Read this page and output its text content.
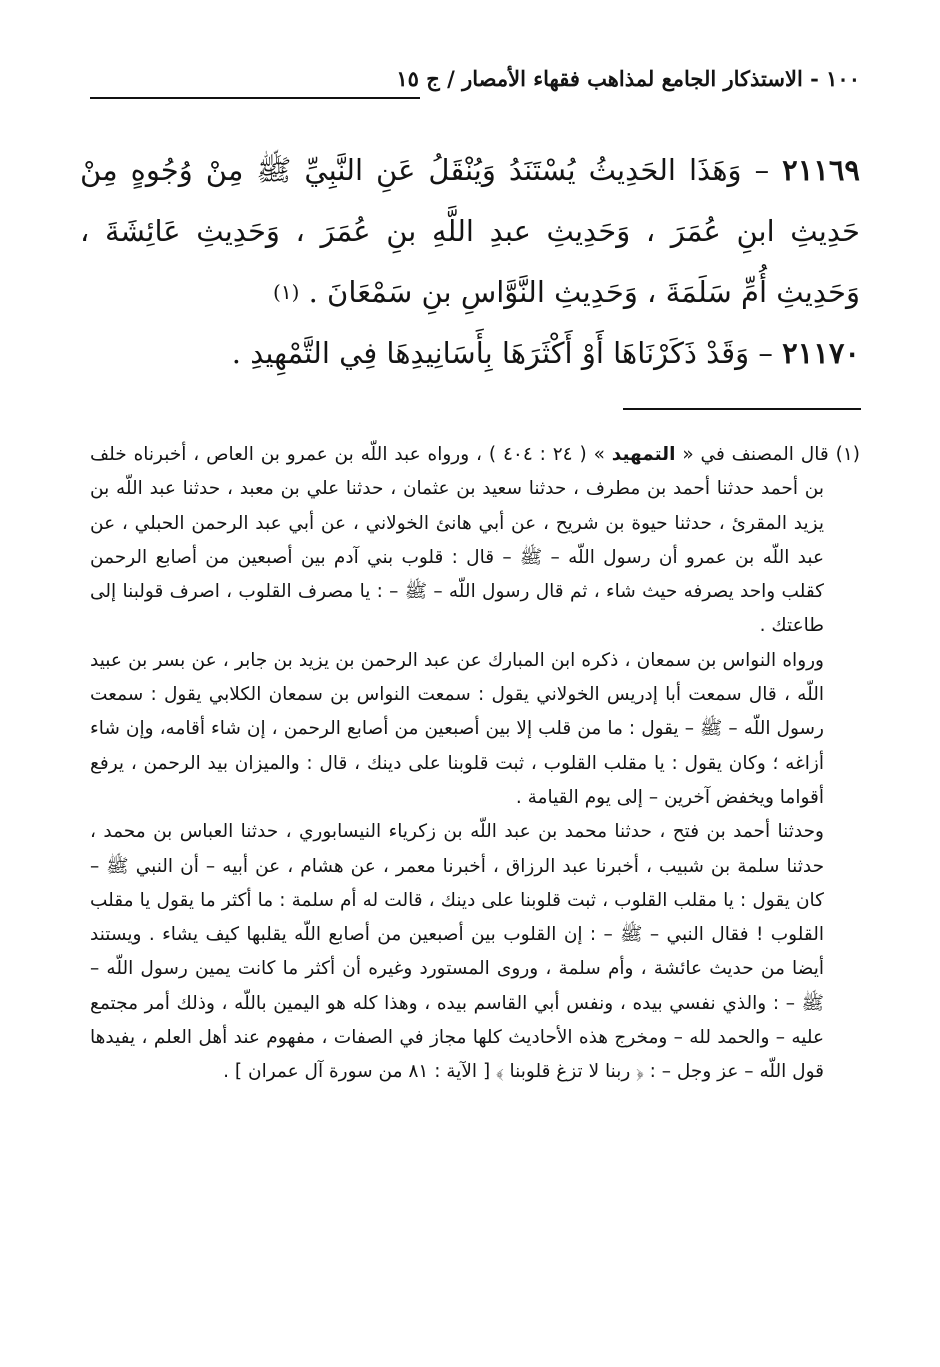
١٠٠ - الاستذكار الجامع لمذاهب فقهاء الأمصار / ج ١٥

٢١١٦٩ – وَهَذَا الحَدِيثُ يُسْتَنَدُ وَيُنْقَلُ عَنِ النَّبِيِّ ﷺ مِنْ وُجُوهٍ مِنْ حَدِيثِ ابنِ عُمَرَ ، وَحَدِيثِ عبدِ اللَّهِ بنِ عُمَرَ ، وَحَدِيثِ عَائِشَةَ ، وَحَدِيثِ أُمِّ سَلَمَةَ ، وَحَدِيثِ النَّوَّاسِ بنِ سَمْعَانَ . (١)

٢١١٧٠ – وَقَدْ ذَكَرْنَاهَا أَوْ أَكْثَرَهَا بِأَسَانِيدِهَا فِي التَّمْهِيدِ .

(١) قال المصنف في « التمهيد » ( ٢٤ : ٤٠٤ ) ، ورواه عبد اللّه بن عمرو بن العاص ، أخبرناه خلف بن أحمد حدثنا أحمد بن مطرف ، حدثنا سعيد بن عثمان ، حدثنا علي بن معبد ، حدثنا عبد اللّه بن يزيد المقرئ ، حدثنا حيوة بن شريح ، عن أبي هانئ الخولاني ، عن أبي عبد الرحمن الحبلي ، عن عبد اللّه بن عمرو أن رسول اللّه – ﷺ – قال : قلوب بني آدم بين أصبعين من أصابع الرحمن كقلب واحد يصرفه حيث شاء ، ثم قال رسول اللّه – ﷺ – : يا مصرف القلوب ، اصرف قولبنا إلى طاعتك .

ورواه النواس بن سمعان ، ذكره ابن المبارك عن عبد الرحمن بن يزيد بن جابر ، عن بسر بن عبيد اللّه ، قال سمعت أبا إدريس الخولاني يقول : سمعت النواس بن سمعان الكلابي يقول : سمعت رسول اللّه – ﷺ – يقول : ما من قلب إلا بين أصبعين من أصابع الرحمن ، إن شاء أقامه، وإن شاء أزاغه ؛ وكان يقول : يا مقلب القلوب ، ثبت قلوبنا على دينك ، قال : والميزان بيد الرحمن ، يرفع أقواما ويخفض آخرين – إلى يوم القيامة .

وحدثنا أحمد بن فتح ، حدثنا محمد بن عبد اللّه بن زكرياء النيسابوري ، حدثنا العباس بن محمد ، حدثنا سلمة بن شبيب ، أخبرنا عبد الرزاق ، أخبرنا معمر ، عن هشام ، عن أبيه – أن النبي ﷺ – كان يقول : يا مقلب القلوب ، ثبت قلوبنا على دينك ، قالت له أم سلمة : ما أكثر ما يقول يا مقلب القلوب ! فقال النبي – ﷺ – : إن القلوب بين أصبعين من أصابع اللّه يقلبها كيف يشاء . ويستند أيضا من حديث عائشة ، وأم سلمة ، وروى المستورد وغيره أن أكثر ما كانت يمين رسول اللّه – ﷺ – : والذي نفسي بيده ، ونفس أبي القاسم بيده ، وهذا كله هو اليمين باللّه ، وذلك أمر مجتمع عليه – والحمد لله – ومخرج هذه الأحاديث كلها مجاز في الصفات ، مفهوم عند أهل العلم ، يفيدها قول اللّه – عز وجل – : ﴿ ربنا لا تزغ قلوبنا ﴾ [ الآية : ٨١ من سورة آل عمران ] .
